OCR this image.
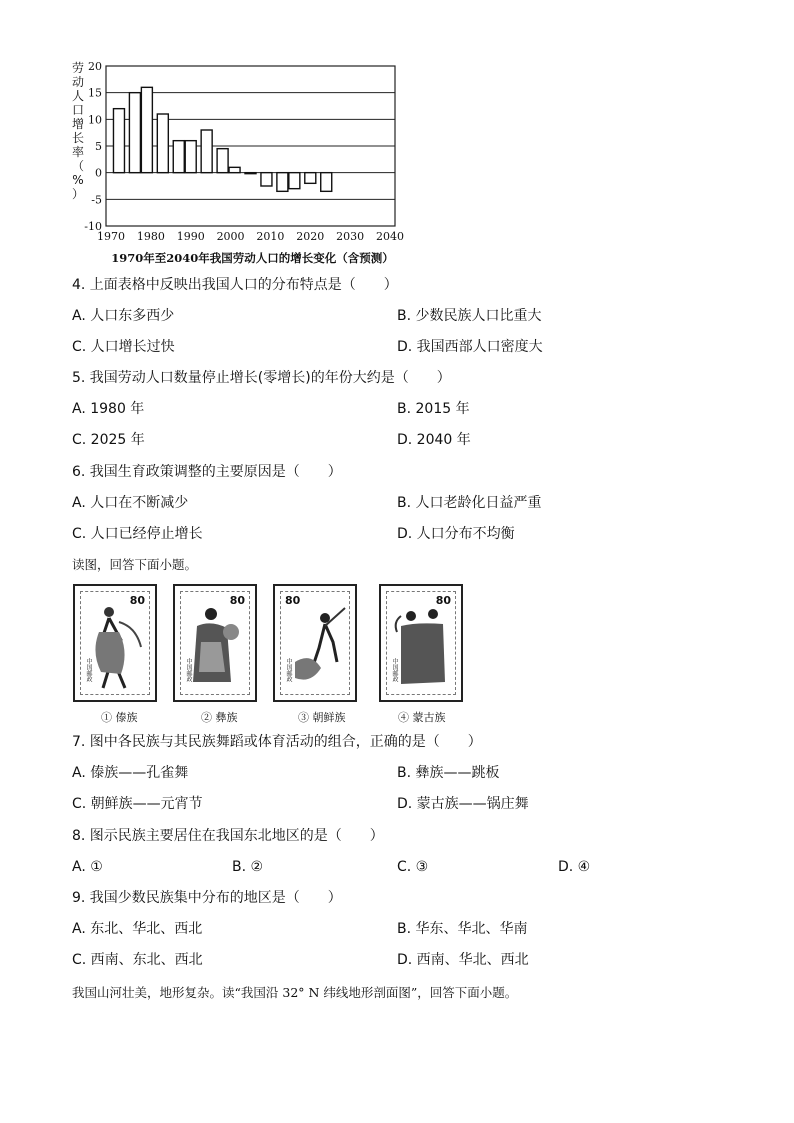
20
15
10
5
0
-5
-10
1970 1980 1990 2000 2010 2020 2030 2040
劳
动
人
口
增
长
率
（
%
）
1970年至2040年我国劳动人口的增长变化（含预测）
4. 上面表格中反映出我国人口的分布特点是（　　）
A. 人口东多西少	B. 少数民族人口比重大
C. 人口增长过快	D. 我国西部人口密度大
5. 我国劳动人口数量停止增长(零增长)的年份大约是（　　）
A. 1980 年	B. 2015 年
C. 2025 年	D. 2040 年
6. 我国生育政策调整的主要原因是（　　）
A. 人口在不断减少	B. 人口老龄化日益严重
C. 人口已经停止增长	D. 人口分布不均衡
读图，回答下面小题。
80
中国邮政
① 傣族
80
中国邮政
② 彝族
80
中国邮政
③ 朝鲜族
80
中国邮政
④ 蒙古族
7. 图中各民族与其民族舞蹈或体育活动的组合，正确的是（　　）
A. 傣族——孔雀舞	B. 彝族——跳板
C. 朝鲜族——元宵节	D. 蒙古族——锅庄舞
8. 图示民族主要居住在我国东北地区的是（　　）
A. ①	B. ②	C. ③	D. ④
9. 我国少数民族集中分布的地区是（　　）
A. 东北、华北、西北	B. 华东、华北、华南
C. 西南、东北、西北	D. 西南、华北、西北
我国山河壮美，地形复杂。读“我国沿 32° N 纬线地形剖面图”，回答下面小题。
